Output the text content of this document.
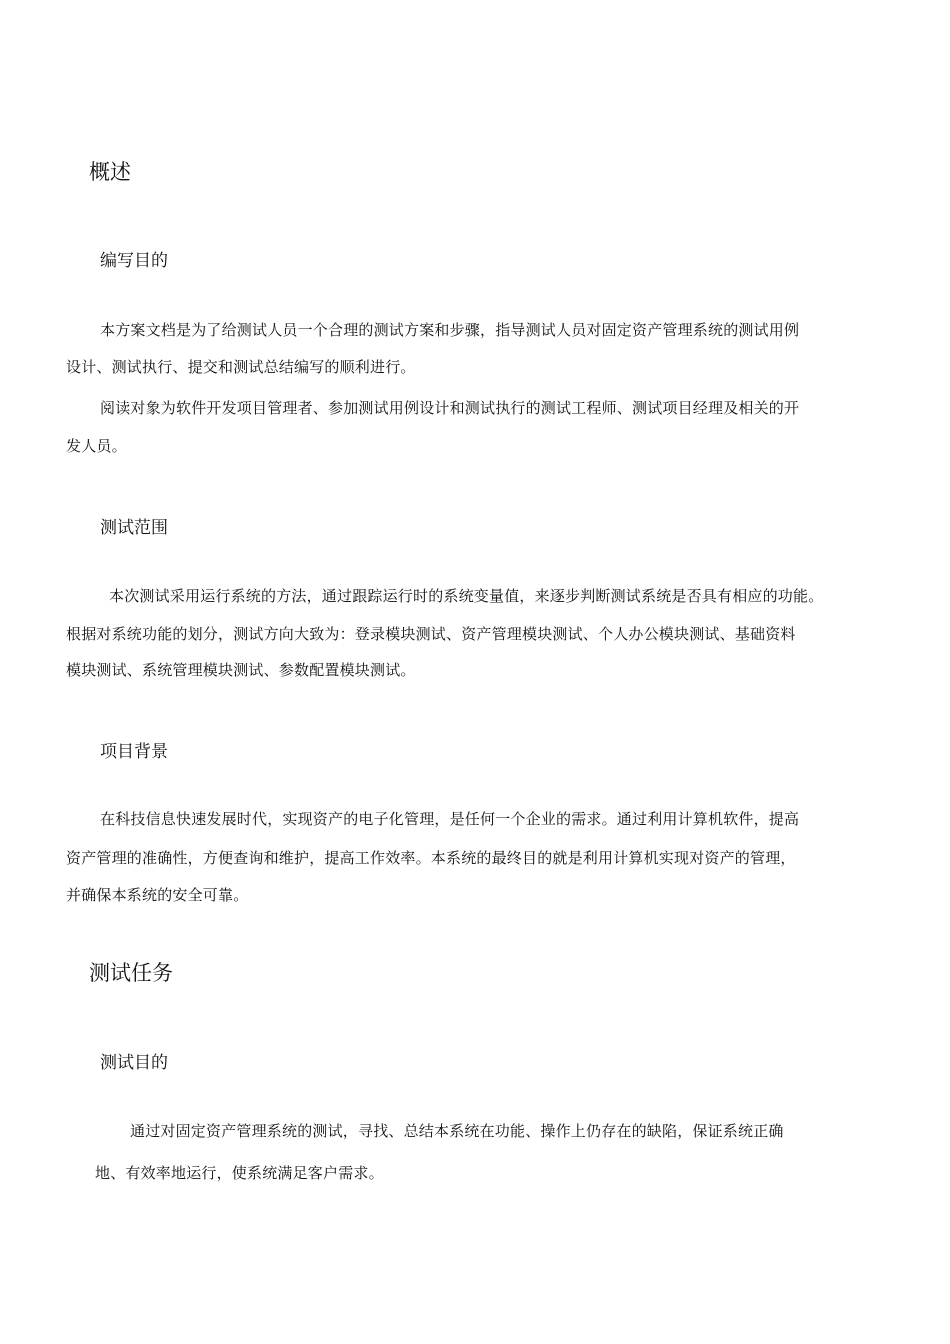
概述
编写目的
本方案文档是为了给测试人员一个合理的测试方案和步骤，指导测试人员对固定资产管理系统的测试用例
设计、测试执行、提交和测试总结编写的顺利进行。
阅读对象为软件开发项目管理者、参加测试用例设计和测试执行的测试工程师、测试项目经理及相关的开
发人员。
测试范围
本次测试采用运行系统的方法，通过跟踪运行时的系统变量值，来逐步判断测试系统是否具有相应的功能。
根据对系统功能的划分，测试方向大致为：登录模块测试、资产管理模块测试、个人办公模块测试、基础资料
模块测试、系统管理模块测试、参数配置模块测试。
项目背景
在科技信息快速发展时代，实现资产的电子化管理，是任何一个企业的需求。通过利用计算机软件，提高
资产管理的准确性，方便查询和维护，提高工作效率。本系统的最终目的就是利用计算机实现对资产的管理，
并确保本系统的安全可靠。
测试任务
测试目的
通过对固定资产管理系统的测试，寻找、总结本系统在功能、操作上仍存在的缺陷，保证系统正确
地、有效率地运行，使系统满足客户需求。
